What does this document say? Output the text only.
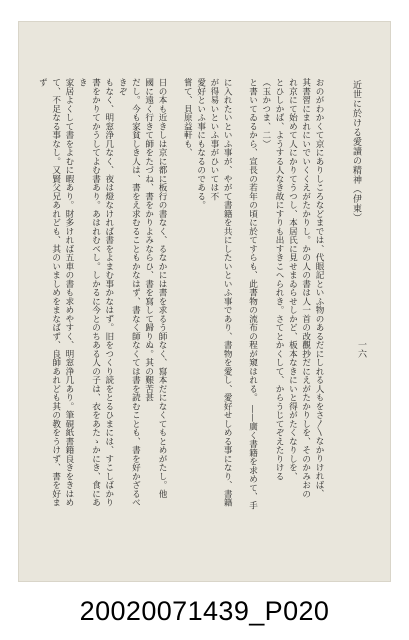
近世に於ける愛讀の精神（伊東）
一六

おのがわかくて京にありしころなどまでは、代眼記といふ物のあるだにしれる人もをさ〳〵なかりければ、

其書習にまれにいでいくくえがたかりし。かの人の書は人一首の改觀抄だにえがたかりしを、そのかみおの

れ京にて始めて人にかりてうつし、本居氏に見せまゐらせしかど、板本なきにいと得がたくなりしを、

とひしかば、ようする人なき故にすりも出すきこへられき。さてとかくして、からうじてぞえたりける

（玉かつま、二）

と書いてゐるから、宣長の若年の頃に於てすらも、此書物の流布の程が窺はれる。 ——廣く書籍を求めて、手

に入れたいといふ事が、やがて書籍を共にしたいといふ事であり、書物を愛し、愛好せしめる事になり、書籍が得易いといふ事がひいては不

愛好といふ事にもなるのである。

嘗て、貝原益軒も、

日の本も近きしは京に都に板行の書なく、るなかには書を求るう師なく、寫本だになくてもとめがたし。他

國に遠く行きて師をたづね、書をかりよみならひ、書を寫して歸りぬ。其の艱苦甚

だし。今も家貧しき人は、書をえ求むることもかなはず、書なく師なくては書を読むことも、書を好かざるべきぞ

もなく、明窓浄几なく、夜は燈なければ書をよまむ事かなはず。旧をつくり読をとるひまには、すこしばかり

書をかりてかうしてよむ書あり。あはれむべし。しかるに今とのちある人の子は、衣をあたゝかにき、食にあき

家居よくして書をよむに暇あり。財多ければ五車の書も求めやすく、明窓浄几あり。筆硯紙書籍良きをきはめ

て、不足なる事なし。又賢父兄あれども、其のいましめをまなばず、良師あれども其の教をうけず、書を好まず

20020071439_P020
